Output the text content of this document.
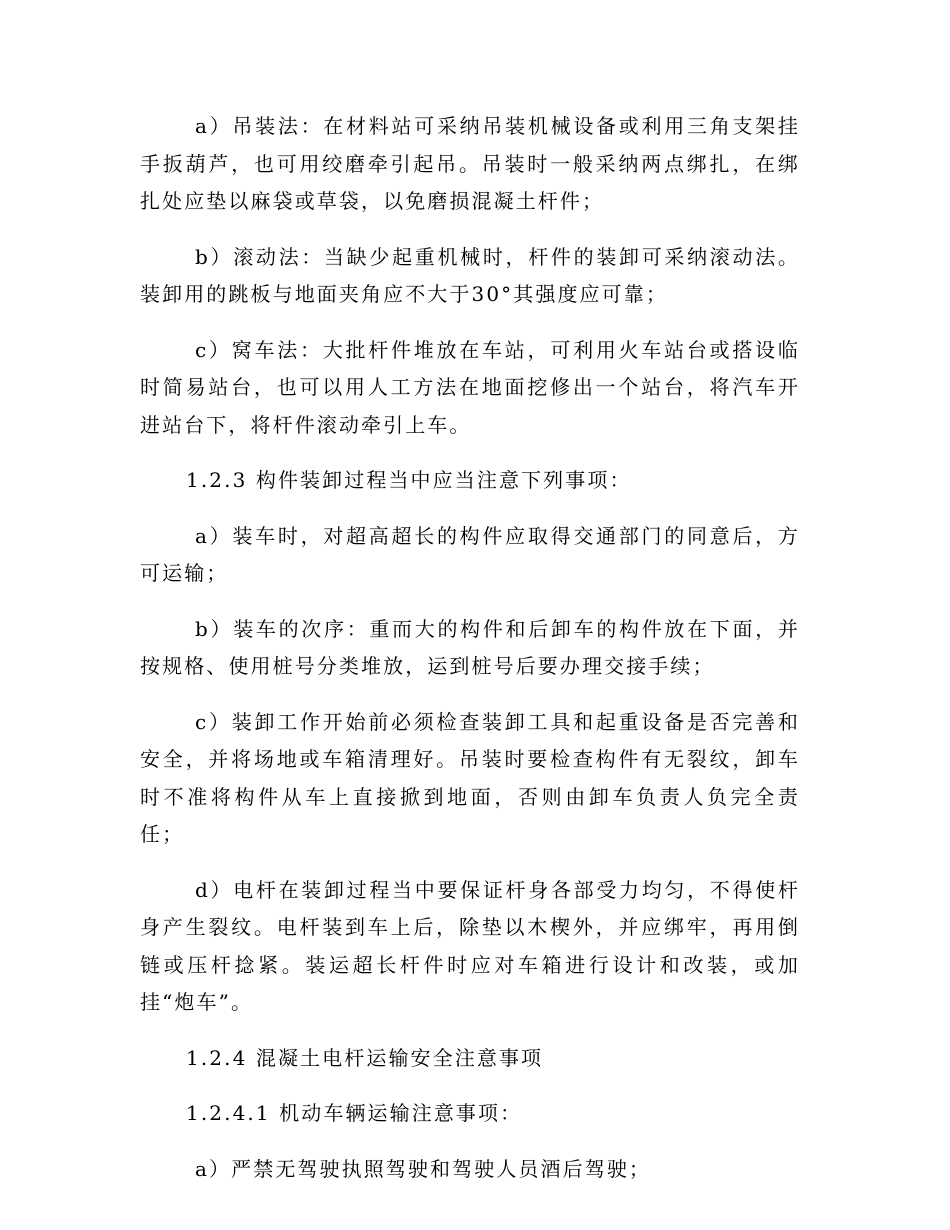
a）吊装法：在材料站可采纳吊装机械设备或利用三角支架挂手扳葫芦，也可用绞磨牵引起吊。吊装时一般采纳两点绑扎，在绑扎处应垫以麻袋或草袋，以免磨损混凝土杆件；

b）滚动法：当缺少起重机械时，杆件的装卸可采纳滚动法。装卸用的跳板与地面夹角应不大于30°其强度应可靠；

c）窝车法：大批杆件堆放在车站，可利用火车站台或搭设临时简易站台，也可以用人工方法在地面挖修出一个站台，将汽车开进站台下，将杆件滚动牵引上车。

1.2.3 构件装卸过程当中应当注意下列事项：

a）装车时，对超高超长的构件应取得交通部门的同意后，方可运输；

b）装车的次序：重而大的构件和后卸车的构件放在下面，并按规格、使用桩号分类堆放，运到桩号后要办理交接手续；

c）装卸工作开始前必须检查装卸工具和起重设备是否完善和安全，并将场地或车箱清理好。吊装时要检查构件有无裂纹，卸车时不准将构件从车上直接掀到地面，否则由卸车负责人负完全责任；

d）电杆在装卸过程当中要保证杆身各部受力均匀，不得使杆身产生裂纹。电杆装到车上后，除垫以木楔外，并应绑牢，再用倒链或压杆捻紧。装运超长杆件时应对车箱进行设计和改装，或加挂“炮车”。

1.2.4 混凝土电杆运输安全注意事项

1.2.4.1 机动车辆运输注意事项：

a）严禁无驾驶执照驾驶和驾驶人员酒后驾驶；
